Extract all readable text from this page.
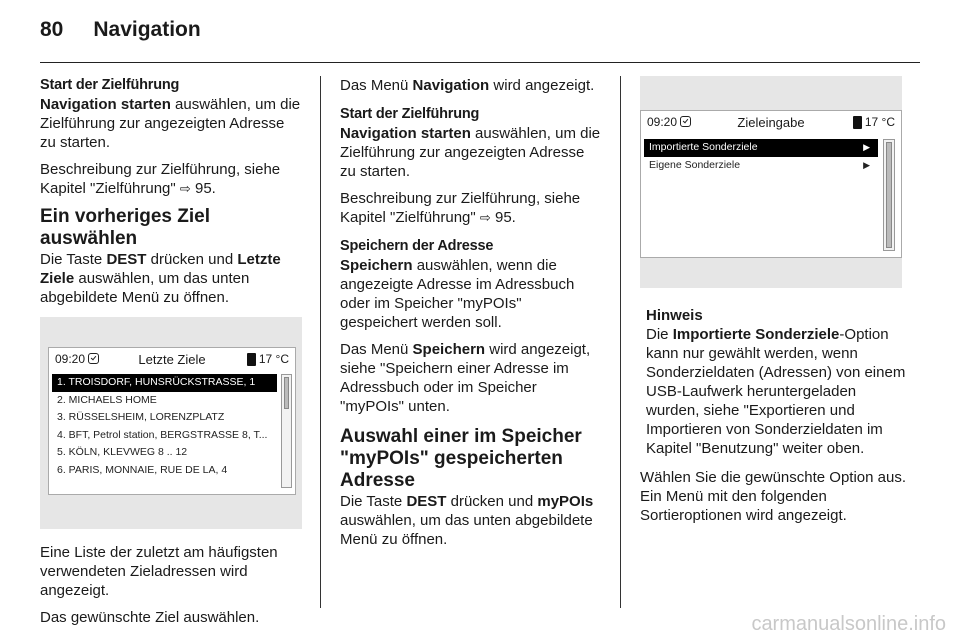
80 Navigation
Start der Zielführung
Navigation starten auswählen, um die Zielführung zur angezeigten Adresse zu starten.
Beschreibung zur Zielführung, siehe Kapitel "Zielführung" ⇨ 95.
Ein vorheriges Ziel auswählen
Die Taste DEST drücken und Letzte Ziele auswählen, um das unten abgebildete Menü zu öffnen.
09:20	Letzte Ziele	17 °C
1. TROISDORF, HUNSRÜCKSTRASSE, 1
2. MICHAELS HOME
3. RÜSSELSHEIM, LORENZPLATZ
4. BFT, Petrol station, BERGSTRASSE 8, T...
5. KÖLN, KLEVWEG 8 .. 12
6. PARIS, MONNAIE, RUE DE LA, 4
Eine Liste der zuletzt am häufigsten verwendeten Zieladressen wird angezeigt.
Das gewünschte Ziel auswählen.
Das Menü Navigation wird angezeigt.
Start der Zielführung
Navigation starten auswählen, um die Zielführung zur angezeigten Adresse zu starten.
Beschreibung zur Zielführung, siehe Kapitel "Zielführung" ⇨ 95.
Speichern der Adresse
Speichern auswählen, wenn die angezeigte Adresse im Adressbuch oder im Speicher "myPOIs" gespeichert werden soll.
Das Menü Speichern wird angezeigt, siehe "Speichern einer Adresse im Adressbuch oder im Speicher "myPOIs" unten.
Auswahl einer im Speicher "myPOIs" gespeicherten Adresse
Die Taste DEST drücken und myPOIs auswählen, um das unten abgebildete Menü zu öffnen.
09:20	Zieleingabe	17 °C
Importierte Sonderziele	▶
Eigene Sonderziele	▶
Hinweis
Die Importierte Sonderziele-Option kann nur gewählt werden, wenn Sonderzieldaten (Adressen) von einem USB-Laufwerk heruntergeladen wurden, siehe "Exportieren und Importieren von Sonderzieldaten im Kapitel "Benutzung" weiter oben.
Wählen Sie die gewünschte Option aus. Ein Menü mit den folgenden Sortieroptionen wird angezeigt.
carmanualsonline.info
